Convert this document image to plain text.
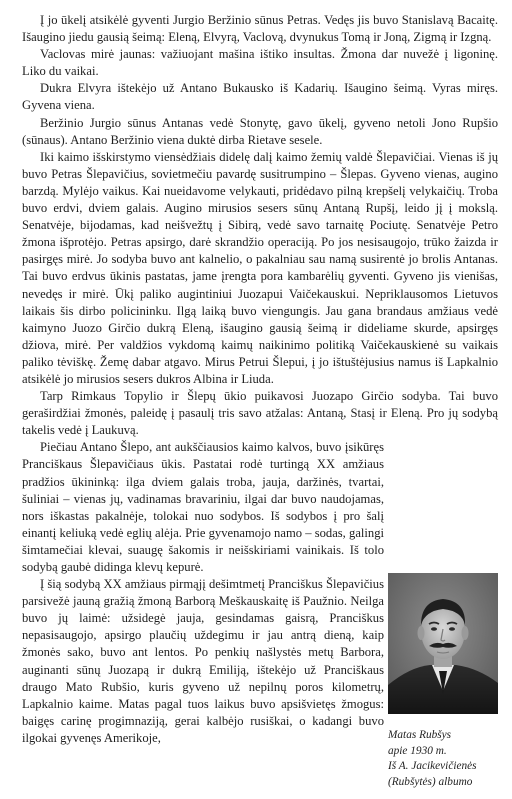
Į jo ūkelį atsikėlė gyventi Jurgio Beržinio sūnus Petras. Vedęs jis buvo Stanislavą Bacaitę. Išaugino jiedu gausią šeimą: Eleną, Elvyrą, Vaclovą, dvynukus Tomą ir Joną, Zigmą ir Izgną.

Vaclovas mirė jaunas: važiuojant mašina ištiko insultas. Žmona dar nuvežė į ligoninę. Liko du vaikai.

Dukra Elvyra ištekėjo už Antano Bukausko iš Kadarių. Išaugino šeimą. Vyras miręs. Gyvena viena.

Beržinio Jurgio sūnus Antanas vedė Stonytę, gavo ūkelį, gyveno netoli Jono Rupšio (sūnaus). Antano Beržinio viena duktė dirba Rietave sesele.

Iki kaimo išskirstymo viensėdžiais didelę dalį kaimo žemių valdė Šlepavičiai. Vienas iš jų buvo Petras Šlepavičius, sovietmečiu pavardę susitrumpino – Šlepas. Gyveno vienas, augino barzdą. Mylėjo vaikus. Kai nueidavome velykauti, pridėdavo pilną krepšelį velykaičių. Troba buvo erdvi, dviem galais. Augino mirusios sesers sūnų Antaną Rupšį, leido jį į mokslą. Senatvėje, bijodamas, kad neišvežtų į Sibirą, vedė savo tarnaitę Pociutę. Senatvėje Petro žmona išprotėjo. Petras apsirgo, darė skrandžio operaciją. Po jos nesisaugojo, trūko žaizda ir pasirgęs mirė. Jo sodyba buvo ant kalnelio, o pakalniau sau namą susirentė jo brolis Antanas. Tai buvo erdvus ūkinis pastatas, jame įrengta pora kambarėlių gyventi. Gyveno jis vienišas, nevedęs ir mirė. Ūkį paliko augintiniui Juozapui Vaičekauskui. Nepriklausomos Lietuvos laikais šis dirbo policininku. Ilgą laiką buvo viengungis. Jau gana brandaus amžiaus vedė kaimyno Juozo Girčio dukrą Eleną, išaugino gausią šeimą ir dideliame skurde, apsirgęs džiova, mirė. Per valdžios vykdomą kaimų naikinimo politiką Vaičekauskienė su vaikais paliko tėviškę. Žemę dabar atgavo. Mirus Petrui Šlepui, į jo ištuštėjusius namus iš Lapkalnio atsikėlė jo mirusios sesers dukros Albina ir Liuda.

Tarp Rimkaus Topylio ir Šlepų ūkio puikavosi Juozapo Girčio sodyba. Tai buvo geraširdžiai žmonės, paleidę į pasaulį tris savo atžalas: Antaną, Stasį ir Eleną. Pro jų sodybą takelis vedė į Laukuvą.

Piečiau Antano Šlepo, ant aukščiausios kaimo kalvos, buvo įsikūręs Pranciškaus Šlepavičiaus ūkis. Pastatai rodė turtingą XX amžiaus pradžios ūkininką: ilga dviem galais troba, jauja, daržinės, tvartai, šuliniai – vienas jų, vadinamas bravariniu, ilgai dar buvo naudojamas, nors iškastas pakalnėje, tolokai nuo sodybos. Iš sodybos į pro šalį einantį keliuką vedė eglių alėja. Prie gyvenamojo namo – sodas, galingi šimtamečiai klevai, suaugę šakomis ir neišskiriami vainikais. Iš tolo sodybą gaubė didinga klevų kepurė.

Į šią sodybą XX amžiaus pirmąjį dešimtmetį Pranciškus Šlepavičius parsivežė jauną gražią žmoną Barborą Meškauskaitę iš Paužnio. Neilga buvo jų laimė: užsidegė jauja, gesindamas gaisrą, Pranciškus nepasisaugojo, apsirgo plaučių uždegimu ir jau antrą dieną, kaip žmonės sako, buvo ant lentos. Po penkių našlystės metų Barbora, auginanti sūnų Juozapą ir dukrą Emiliją, ištekėjo už Pranciškaus draugo Mato Rubšio, kuris gyveno už nepilnų poros kilometrų, Lapkalnio kaime. Matas pagal tuos laikus buvo apsišvietęs žmogus: baigęs carinę progimnaziją, gerai kalbėjo rusiškai, o kadangi buvo ilgokai gyvenęs Amerikoje,	Matas Rubšys
apie 1930 m.
Iš A. Jacikevičienės
(Rubšytės) albumo
